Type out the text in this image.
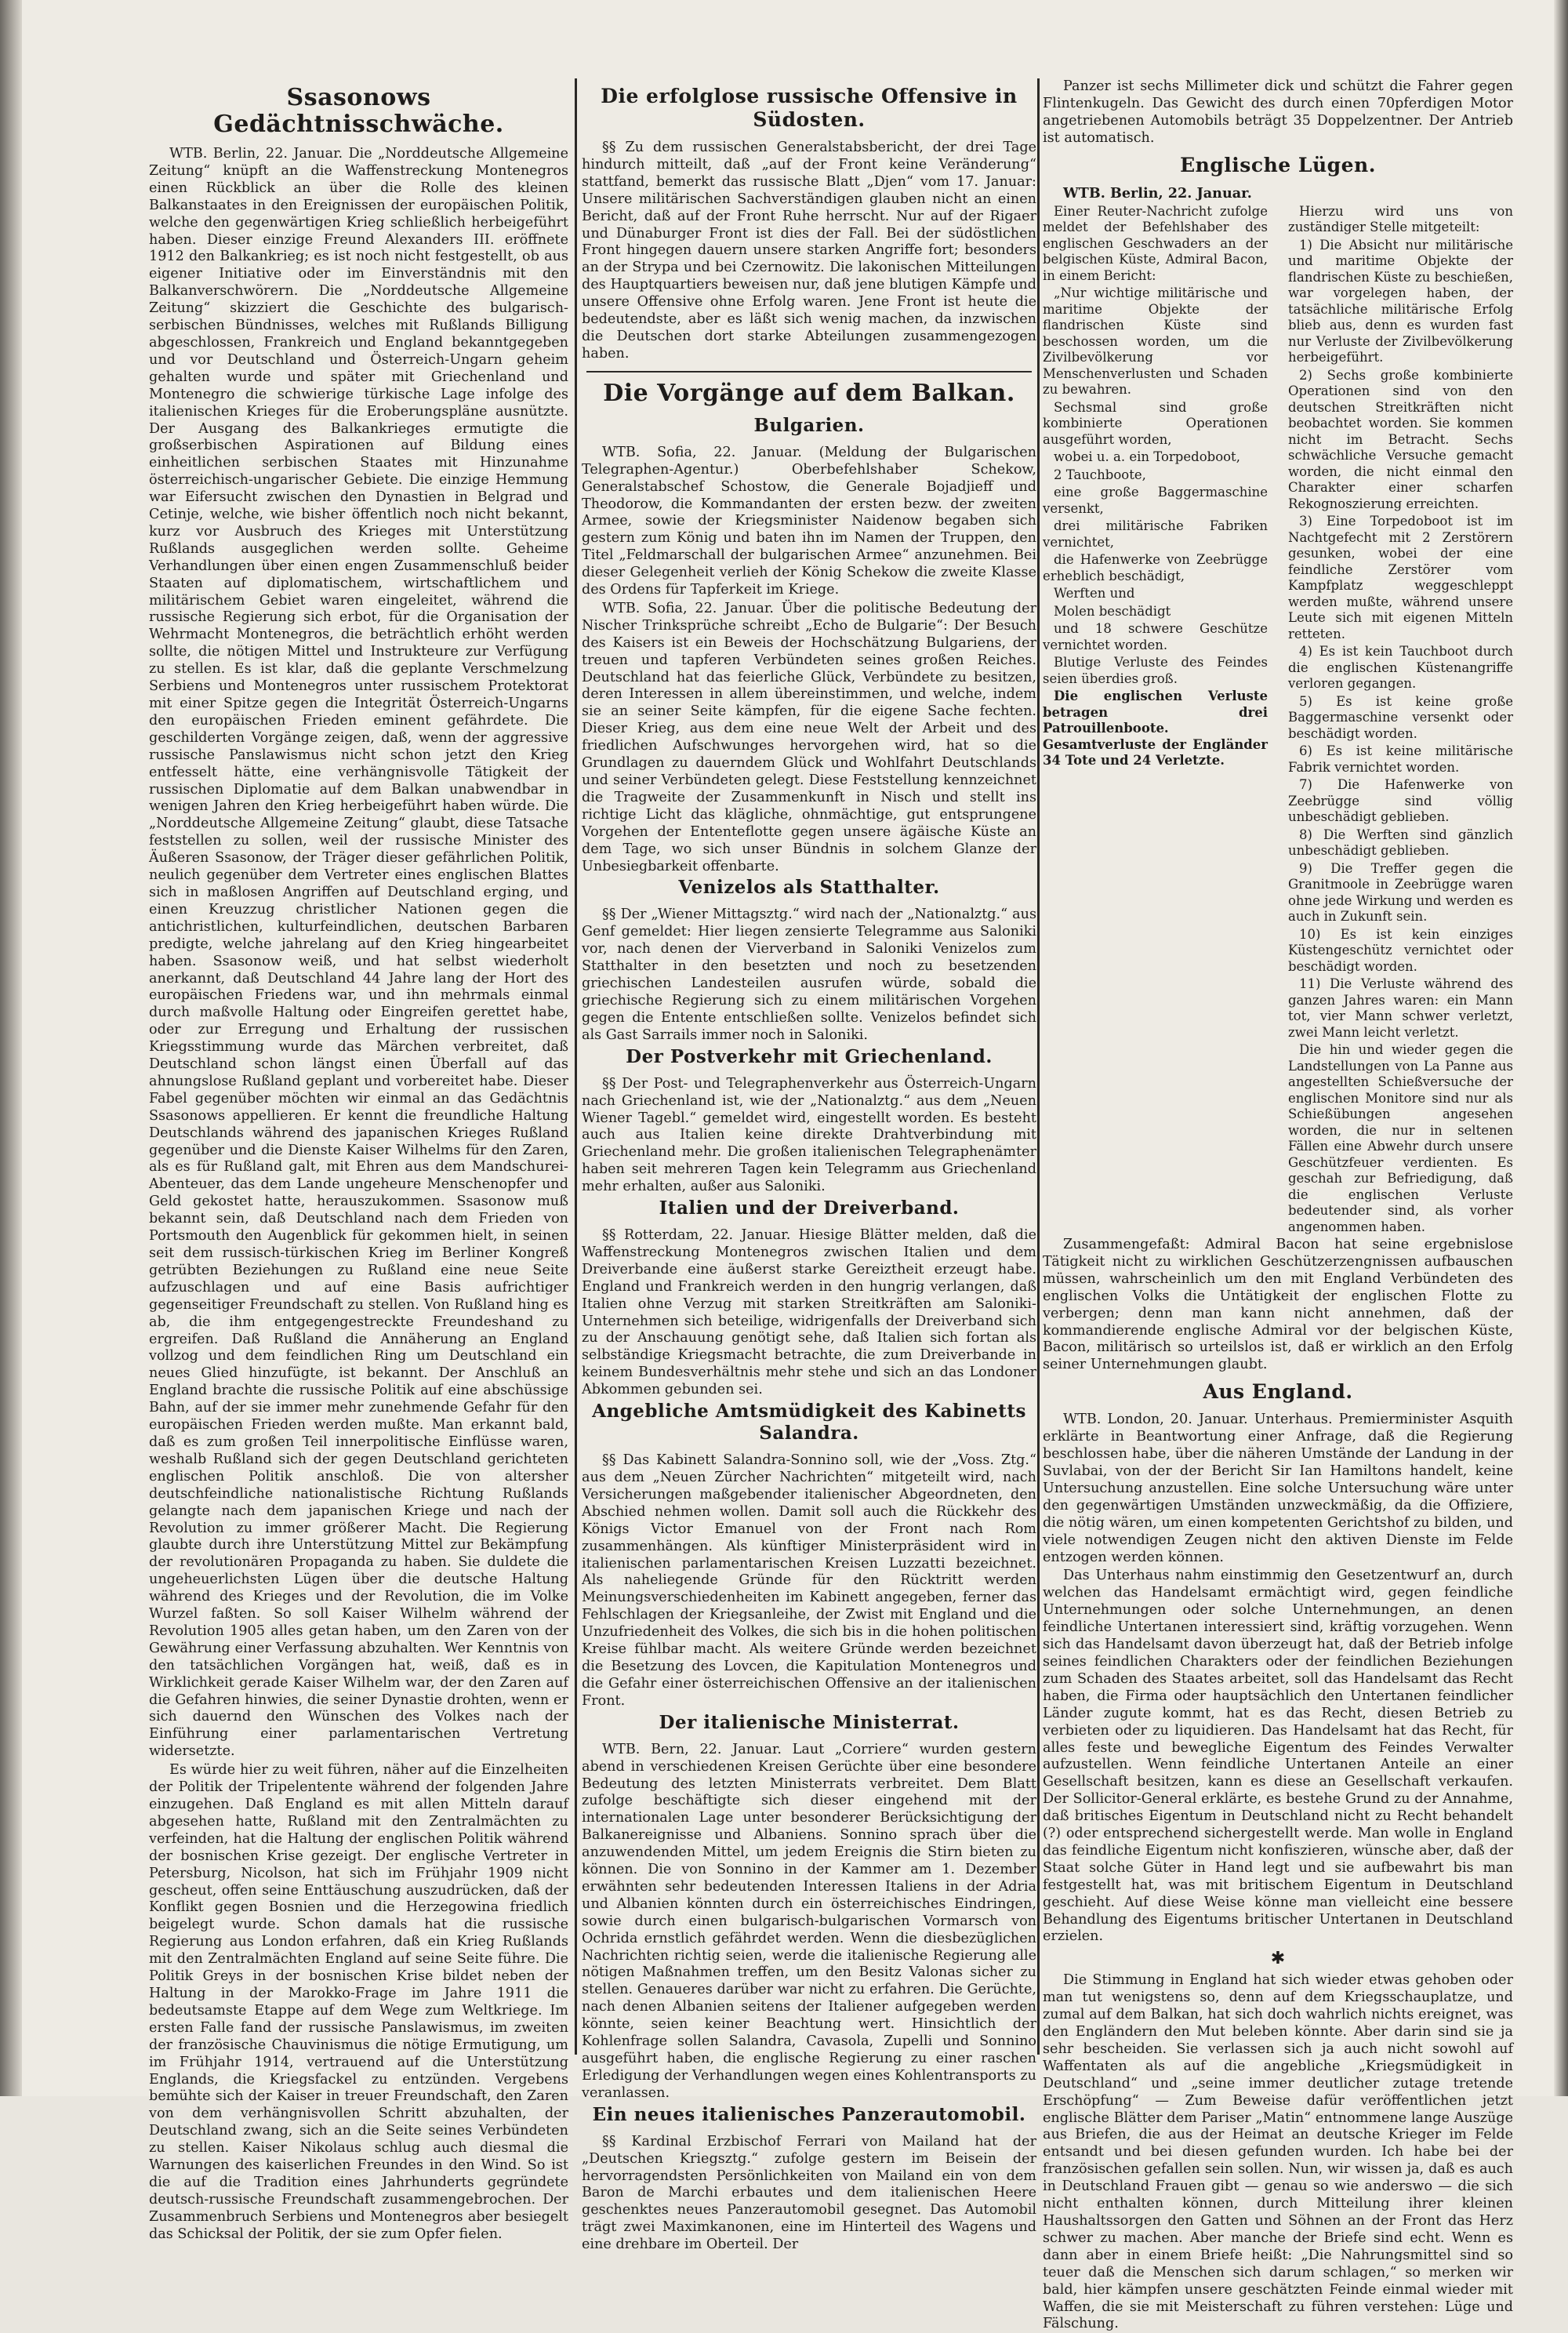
Ssasonows Gedächtnisschwäche.

WTB. Berlin, 22. Januar. Die „Norddeutsche Allgemeine Zeitung“ knüpft an die Waffenstreckung Montenegros einen Rückblick an über die Rolle des kleinen Balkanstaates in den Ereignissen der europäischen Politik, welche den gegenwärtigen Krieg schließlich herbeigeführt haben. Dieser einzige Freund Alexanders III. eröffnete 1912 den Balkankrieg; es ist noch nicht festgestellt, ob aus eigener Initiative oder im Einverständnis mit den Balkanverschwörern. Die „Norddeutsche Allgemeine Zeitung“ skizziert die Geschichte des bulgarisch-serbischen Bündnisses, welches mit Rußlands Billigung abgeschlossen, Frankreich und England bekanntgegeben und vor Deutschland und Österreich-Ungarn geheim gehalten wurde und später mit Griechenland und Montenegro die schwierige türkische Lage infolge des italienischen Krieges für die Eroberungspläne ausnützte. Der Ausgang des Balkankrieges ermutigte die großserbischen Aspirationen auf Bildung eines einheitlichen serbischen Staates mit Hinzunahme österreichisch-ungarischer Gebiete. Die einzige Hemmung war Eifersucht zwischen den Dynastien in Belgrad und Cetinje, welche, wie bisher öffentlich noch nicht bekannt, kurz vor Ausbruch des Krieges mit Unterstützung Rußlands ausgeglichen werden sollte. Geheime Verhandlungen über einen engen Zusammenschluß beider Staaten auf diplomatischem, wirtschaftlichem und militärischem Gebiet waren eingeleitet, während die russische Regierung sich erbot, für die Organisation der Wehrmacht Montenegros, die beträchtlich erhöht werden sollte, die nötigen Mittel und Instrukteure zur Verfügung zu stellen. Es ist klar, daß die geplante Verschmelzung Serbiens und Montenegros unter russischem Protektorat mit einer Spitze gegen die Integrität Österreich-Ungarns den europäischen Frieden eminent gefährdete. Die geschilderten Vorgänge zeigen, daß, wenn der aggressive russische Panslawismus nicht schon jetzt den Krieg entfesselt hätte, eine verhängnisvolle Tätigkeit der russischen Diplomatie auf dem Balkan unabwendbar in wenigen Jahren den Krieg herbeigeführt haben würde. Die „Norddeutsche Allgemeine Zeitung“ glaubt, diese Tatsache feststellen zu sollen, weil der russische Minister des Äußeren Ssasonow, der Träger dieser gefährlichen Politik, neulich gegenüber dem Vertreter eines englischen Blattes sich in maßlosen Angriffen auf Deutschland erging, und einen Kreuzzug christlicher Nationen gegen die antichristlichen, kulturfeindlichen, deutschen Barbaren predigte, welche jahrelang auf den Krieg hingearbeitet haben. Ssasonow weiß, und hat selbst wiederholt anerkannt, daß Deutschland 44 Jahre lang der Hort des europäischen Friedens war, und ihn mehrmals einmal durch maßvolle Haltung oder Eingreifen gerettet habe, oder zur Erregung und Erhaltung der russischen Kriegsstimmung wurde das Märchen verbreitet, daß Deutschland schon längst einen Überfall auf das ahnungslose Rußland geplant und vorbereitet habe. Dieser Fabel gegenüber möchten wir einmal an das Gedächtnis Ssasonows appellieren. Er kennt die freundliche Haltung Deutschlands während des japanischen Krieges Rußland gegenüber und die Dienste Kaiser Wilhelms für den Zaren, als es für Rußland galt, mit Ehren aus dem Mandschurei-Abenteuer, das dem Lande ungeheure Menschenopfer und Geld gekostet hatte, herauszukommen. Ssasonow muß bekannt sein, daß Deutschland nach dem Frieden von Portsmouth den Augenblick für gekommen hielt, in seinen seit dem russisch-türkischen Krieg im Berliner Kongreß getrübten Beziehungen zu Rußland eine neue Seite aufzuschlagen und auf eine Basis aufrichtiger gegenseitiger Freundschaft zu stellen. Von Rußland hing es ab, die ihm entgegengestreckte Freundeshand zu ergreifen. Daß Rußland die Annäherung an England vollzog und dem feindlichen Ring um Deutschland ein neues Glied hinzufügte, ist bekannt. Der Anschluß an England brachte die russische Politik auf eine abschüssige Bahn, auf der sie immer mehr zunehmende Gefahr für den europäischen Frieden werden mußte. Man erkannt bald, daß es zum großen Teil innerpolitische Einflüsse waren, weshalb Rußland sich der gegen Deutschland gerichteten englischen Politik anschloß. Die von altersher deutschfeindliche nationalistische Richtung Rußlands gelangte nach dem japanischen Kriege und nach der Revolution zu immer größerer Macht. Die Regierung glaubte durch ihre Unterstützung Mittel zur Bekämpfung der revolutionären Propaganda zu haben. Sie duldete die ungeheuerlichsten Lügen über die deutsche Haltung während des Krieges und der Revolution, die im Volke Wurzel faßten. So soll Kaiser Wilhelm während der Revolution 1905 alles getan haben, um den Zaren von der Gewährung einer Verfassung abzuhalten. Wer Kenntnis von den tatsächlichen Vorgängen hat, weiß, daß es in Wirklichkeit gerade Kaiser Wilhelm war, der den Zaren auf die Gefahren hinwies, die seiner Dynastie drohten, wenn er sich dauernd den Wünschen des Volkes nach der Einführung einer parlamentarischen Vertretung widersetzte.

Es würde hier zu weit führen, näher auf die Einzelheiten der Politik der Tripelentente während der folgenden Jahre einzugehen. Daß England es mit allen Mitteln darauf abgesehen hatte, Rußland mit den Zentralmächten zu verfeinden, hat die Haltung der englischen Politik während der bosnischen Krise gezeigt. Der englische Vertreter in Petersburg, Nicolson, hat sich im Frühjahr 1909 nicht gescheut, offen seine Enttäuschung auszudrücken, daß der Konflikt gegen Bosnien und die Herzegowina friedlich beigelegt wurde. Schon damals hat die russische Regierung aus London erfahren, daß ein Krieg Rußlands mit den Zentralmächten England auf seine Seite führe. Die Politik Greys in der bosnischen Krise bildet neben der Haltung in der Marokko-Frage im Jahre 1911 die bedeutsamste Etappe auf dem Wege zum Weltkriege. Im ersten Falle fand der russische Panslawismus, im zweiten der französische Chauvinismus die nötige Ermutigung, um im Frühjahr 1914, vertrauend auf die Unterstützung Englands, die Kriegsfackel zu entzünden. Vergebens bemühte sich der Kaiser in treuer Freundschaft, den Zaren von dem verhängnisvollen Schritt abzuhalten, der Deutschland zwang, sich an die Seite seines Verbündeten zu stellen. Kaiser Nikolaus schlug auch diesmal die Warnungen des kaiserlichen Freundes in den Wind. So ist die auf die Tradition eines Jahrhunderts gegründete deutsch-russische Freundschaft zusammengebrochen. Der Zusammenbruch Serbiens und Montenegros aber besiegelt das Schicksal der Politik, der sie zum Opfer fielen.

Die erfolglose russische Offensive in Südosten.

§§ Zu dem russischen Generalstabsbericht, der drei Tage hindurch mitteilt, daß „auf der Front keine Veränderung“ stattfand, bemerkt das russische Blatt „Djen“ vom 17. Januar: Unsere militärischen Sachverständigen glauben nicht an einen Bericht, daß auf der Front Ruhe herrscht. Nur auf der Rigaer und Dünaburger Front ist dies der Fall. Bei der südöstlichen Front hingegen dauern unsere starken Angriffe fort; besonders an der Strypa und bei Czernowitz. Die lakonischen Mitteilungen des Hauptquartiers beweisen nur, daß jene blutigen Kämpfe und unsere Offensive ohne Erfolg waren. Jene Front ist heute die bedeutendste, aber es läßt sich wenig machen, da inzwischen die Deutschen dort starke Abteilungen zusammengezogen haben.

Die Vorgänge auf dem Balkan.
Bulgarien.

WTB. Sofia, 22. Januar. (Meldung der Bulgarischen Telegraphen-Agentur.) Oberbefehlshaber Schekow, Generalstabschef Schostow, die Generale Bojadjieff und Theodorow, die Kommandanten der ersten bezw. der zweiten Armee, sowie der Kriegsminister Naidenow begaben sich gestern zum König und baten ihn im Namen der Truppen, den Titel „Feldmarschall der bulgarischen Armee“ anzunehmen. Bei dieser Gelegenheit verlieh der König Schekow die zweite Klasse des Ordens für Tapferkeit im Kriege.

WTB. Sofia, 22. Januar. Über die politische Bedeutung der Nischer Trinksprüche schreibt „Echo de Bulgarie“: Der Besuch des Kaisers ist ein Beweis der Hochschätzung Bulgariens, der treuen und tapferen Verbündeten seines großen Reiches. Deutschland hat das feierliche Glück, Verbündete zu besitzen, deren Interessen in allem übereinstimmen, und welche, indem sie an seiner Seite kämpfen, für die eigene Sache fechten. Dieser Krieg, aus dem eine neue Welt der Arbeit und des friedlichen Aufschwunges hervorgehen wird, hat so die Grundlagen zu dauerndem Glück und Wohlfahrt Deutschlands und seiner Verbündeten gelegt. Diese Feststellung kennzeichnet die Tragweite der Zusammenkunft in Nisch und stellt ins richtige Licht das klägliche, ohnmächtige, gut entsprungene Vorgehen der Ententeflotte gegen unsere ägäische Küste an dem Tage, wo sich unser Bündnis in solchem Glanze der Unbesiegbarkeit offenbarte.

Venizelos als Statthalter.

§§ Der „Wiener Mittagsztg.“ wird nach der „Nationalztg.“ aus Genf gemeldet: Hier liegen zensierte Telegramme aus Saloniki vor, nach denen der Vierverband in Saloniki Venizelos zum Statthalter in den besetzten und noch zu besetzenden griechischen Landesteilen ausrufen würde, sobald die griechische Regierung sich zu einem militärischen Vorgehen gegen die Entente entschließen sollte. Venizelos befindet sich als Gast Sarrails immer noch in Saloniki.

Der Postverkehr mit Griechenland.

§§ Der Post- und Telegraphenverkehr aus Österreich-Ungarn nach Griechenland ist, wie der „Nationalztg.“ aus dem „Neuen Wiener Tagebl.“ gemeldet wird, eingestellt worden. Es besteht auch aus Italien keine direkte Drahtverbindung mit Griechenland mehr. Die großen italienischen Telegraphenämter haben seit mehreren Tagen kein Telegramm aus Griechenland mehr erhalten, außer aus Saloniki.

Italien und der Dreiverband.

§§ Rotterdam, 22. Januar. Hiesige Blätter melden, daß die Waffenstreckung Montenegros zwischen Italien und dem Dreiverbande eine äußerst starke Gereiztheit erzeugt habe. England und Frankreich werden in den hungrig verlangen, daß Italien ohne Verzug mit starken Streitkräften am Saloniki-Unternehmen sich beteilige, widrigenfalls der Dreiverband sich zu der Anschauung genötigt sehe, daß Italien sich fortan als selbständige Kriegsmacht betrachte, die zum Dreiverbande in keinem Bundesverhältnis mehr stehe und sich an das Londoner Abkommen gebunden sei.

Angebliche Amtsmüdigkeit des Kabinetts Salandra.

§§ Das Kabinett Salandra-Sonnino soll, wie der „Voss. Ztg.“ aus dem „Neuen Zürcher Nachrichten“ mitgeteilt wird, nach Versicherungen maßgebender italienischer Abgeordneten, den Abschied nehmen wollen. Damit soll auch die Rückkehr des Königs Victor Emanuel von der Front nach Rom zusammenhängen. Als künftiger Ministerpräsident wird in italienischen parlamentarischen Kreisen Luzzatti bezeichnet. Als naheliegende Gründe für den Rücktritt werden Meinungsverschiedenheiten im Kabinett angegeben, ferner das Fehlschlagen der Kriegsanleihe, der Zwist mit England und die Unzufriedenheit des Volkes, die sich bis in die hohen politischen Kreise fühlbar macht. Als weitere Gründe werden bezeichnet die Besetzung des Lovcen, die Kapitulation Montenegros und die Gefahr einer österreichischen Offensive an der italienischen Front.

Der italienische Ministerrat.

WTB. Bern, 22. Januar. Laut „Corriere“ wurden gestern abend in verschiedenen Kreisen Gerüchte über eine besondere Bedeutung des letzten Ministerrats verbreitet. Dem Blatt zufolge beschäftigte sich dieser eingehend mit der internationalen Lage unter besonderer Berücksichtigung der Balkanereignisse und Albaniens. Sonnino sprach über die anzuwendenden Mittel, um jedem Ereignis die Stirn bieten zu können. Die von Sonnino in der Kammer am 1. Dezember erwähnten sehr bedeutenden Interessen Italiens in der Adria und Albanien könnten durch ein österreichisches Eindringen, sowie durch einen bulgarisch-bulgarischen Vormarsch von Ochrida ernstlich gefährdet werden. Wenn die diesbezüglichen Nachrichten richtig seien, werde die italienische Regierung alle nötigen Maßnahmen treffen, um den Besitz Valonas sicher zu stellen. Genaueres darüber war nicht zu erfahren. Die Gerüchte, nach denen Albanien seitens der Italiener aufgegeben werden könnte, seien keiner Beachtung wert. Hinsichtlich der Kohlenfrage sollen Salandra, Cavasola, Zupelli und Sonnino ausgeführt haben, die englische Regierung zu einer raschen Erledigung der Verhandlungen wegen eines Kohlentransports zu veranlassen.

Ein neues italienisches Panzerautomobil.

§§ Kardinal Erzbischof Ferrari von Mailand hat der „Deutschen Kriegsztg.“ zufolge gestern im Beisein der hervorragendsten Persönlichkeiten von Mailand ein von dem Baron de Marchi erbautes und dem italienischen Heere geschenktes neues Panzerautomobil gesegnet. Das Automobil trägt zwei Maximkanonen, eine im Hinterteil des Wagens und eine drehbare im Oberteil. Der

Panzer ist sechs Millimeter dick und schützt die Fahrer gegen Flintenkugeln. Das Gewicht des durch einen 70pferdigen Motor angetriebenen Automobils beträgt 35 Doppelzentner. Der Antrieb ist automatisch.

Englische Lügen.

WTB. Berlin, 22. Januar.

Einer Reuter-Nachricht zufolge meldet der Befehlshaber des englischen Geschwaders an der belgischen Küste, Admiral Bacon, in einem Bericht:

„Nur wichtige militärische und maritime Objekte der flandrischen Küste sind beschossen worden, um die Zivilbevölkerung vor Menschenverlusten und Schaden zu bewahren.

Sechsmal sind große kombinierte Operationen ausgeführt worden,

wobei u. a. ein Torpedoboot,

2 Tauchboote,

eine große Baggermaschine versenkt,

drei militärische Fabriken vernichtet,

die Hafenwerke von Zeebrügge erheblich beschädigt,

Werften und

Molen beschädigt

und 18 schwere Geschütze vernichtet worden.

Blutige Verluste des Feindes seien überdies groß.

Die englischen Verluste betragen drei Patrouillenboote. Gesamtverluste der Engländer 34 Tote und 24 Verletzte.

Hierzu wird uns von zuständiger Stelle mitgeteilt:

1) Die Absicht nur militärische und maritime Objekte der flandrischen Küste zu beschießen, war vorgelegen haben, der tatsächliche militärische Erfolg blieb aus, denn es wurden fast nur Verluste der Zivilbevölkerung herbeigeführt.

2) Sechs große kombinierte Operationen sind von den deutschen Streitkräften nicht beobachtet worden. Sie kommen nicht im Betracht. Sechs schwächliche Versuche gemacht worden, die nicht einmal den Charakter einer scharfen Rekognoszierung erreichten.

3) Eine Torpedoboot ist im Nachtgefecht mit 2 Zerstörern gesunken, wobei der eine feindliche Zerstörer vom Kampfplatz weggeschleppt werden mußte, während unsere Leute sich mit eigenen Mitteln retteten.

4) Es ist kein Tauchboot durch die englischen Küstenangriffe verloren gegangen.

5) Es ist keine große Baggermaschine versenkt oder beschädigt worden.

6) Es ist keine militärische Fabrik vernichtet worden.

7) Die Hafenwerke von Zeebrügge sind völlig unbeschädigt geblieben.

8) Die Werften sind gänzlich unbeschädigt geblieben.

9) Die Treffer gegen die Granitmoole in Zeebrügge waren ohne jede Wirkung und werden es auch in Zukunft sein.

10) Es ist kein einziges Küstengeschütz vernichtet oder beschädigt worden.

11) Die Verluste während des ganzen Jahres waren: ein Mann tot, vier Mann schwer verletzt, zwei Mann leicht verletzt.

Die hin und wieder gegen die Landstellungen von La Panne aus angestellten Schießversuche der englischen Monitore sind nur als Schießübungen angesehen worden, die nur in seltenen Fällen eine Abwehr durch unsere Geschützfeuer verdienten. Es geschah zur Befriedigung, daß die englischen Verluste bedeutender sind, als vorher angenommen haben.

Zusammengefaßt: Admiral Bacon hat seine ergebnislose Tätigkeit nicht zu wirklichen Geschützerzengnissen aufbauschen müssen, wahrscheinlich um den mit England Verbündeten des englischen Volks die Untätigkeit der englischen Flotte zu verbergen; denn man kann nicht annehmen, daß der kommandierende englische Admiral vor der belgischen Küste, Bacon, militärisch so urteilslos ist, daß er wirklich an den Erfolg seiner Unternehmungen glaubt.

Aus England.

WTB. London, 20. Januar. Unterhaus. Premierminister Asquith erklärte in Beantwortung einer Anfrage, daß die Regierung beschlossen habe, über die näheren Umstände der Landung in der Suvlabai, von der der Bericht Sir Ian Hamiltons handelt, keine Untersuchung anzustellen. Eine solche Untersuchung wäre unter den gegenwärtigen Umständen unzweckmäßig, da die Offiziere, die nötig wären, um einen kompetenten Gerichtshof zu bilden, und viele notwendigen Zeugen nicht den aktiven Dienste im Felde entzogen werden können.

Das Unterhaus nahm einstimmig den Gesetzentwurf an, durch welchen das Handelsamt ermächtigt wird, gegen feindliche Unternehmungen oder solche Unternehmungen, an denen feindliche Untertanen interessiert sind, kräftig vorzugehen. Wenn sich das Handelsamt davon überzeugt hat, daß der Betrieb infolge seines feindlichen Charakters oder der feindlichen Beziehungen zum Schaden des Staates arbeitet, soll das Handelsamt das Recht haben, die Firma oder hauptsächlich den Untertanen feindlicher Länder zugute kommt, hat es das Recht, diesen Betrieb zu verbieten oder zu liquidieren. Das Handelsamt hat das Recht, für alles feste und bewegliche Eigentum des Feindes Verwalter aufzustellen. Wenn feindliche Untertanen Anteile an einer Gesellschaft besitzen, kann es diese an Gesellschaft verkaufen. Der Sollicitor-General erklärte, es bestehe Grund zu der Annahme, daß britisches Eigentum in Deutschland nicht zu Recht behandelt (?) oder entsprechend sichergestellt werde. Man wolle in England das feindliche Eigentum nicht konfiszieren, wünsche aber, daß der Staat solche Güter in Hand legt und sie aufbewahrt bis man festgestellt hat, was mit britischem Eigentum in Deutschland geschieht. Auf diese Weise könne man vielleicht eine bessere Behandlung des Eigentums britischer Untertanen in Deutschland erzielen.

✱

Die Stimmung in England hat sich wieder etwas gehoben oder man tut wenigstens so, denn auf dem Kriegsschauplatze, und zumal auf dem Balkan, hat sich doch wahrlich nichts ereignet, was den Engländern den Mut beleben könnte. Aber darin sind sie ja sehr bescheiden. Sie verlassen sich ja auch nicht sowohl auf Waffentaten als auf die angebliche „Kriegsmüdigkeit in Deutschland“ und „seine immer deutlicher zutage tretende Erschöpfung“ — Zum Beweise dafür veröffentlichen jetzt englische Blätter dem Pariser „Matin“ entnommene lange Auszüge aus Briefen, die aus der Heimat an deutsche Krieger im Felde entsandt und bei diesen gefunden wurden. Ich habe bei der französischen gefallen sein sollen. Nun, wir wissen ja, daß es auch in Deutschland Frauen gibt — genau so wie anderswo — die sich nicht enthalten können, durch Mitteilung ihrer kleinen Haushaltssorgen den Gatten und Söhnen an der Front das Herz schwer zu machen. Aber manche der Briefe sind echt. Wenn es dann aber in einem Briefe heißt: „Die Nahrungsmittel sind so teuer daß die Menschen sich darum schlagen,“ so merken wir bald, hier kämpfen unsere geschätzten Feinde einmal wieder mit Waffen, die sie mit Meisterschaft zu führen verstehen: Lüge und Fälschung.
